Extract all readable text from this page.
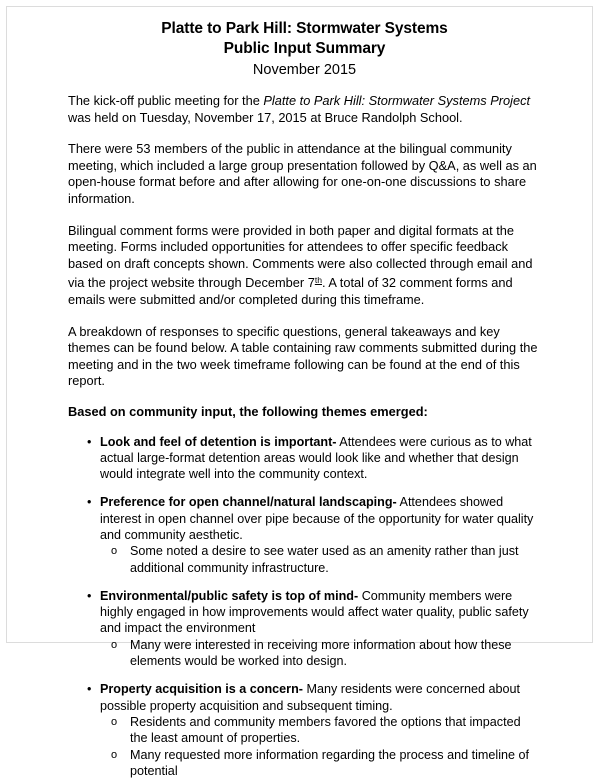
Platte to Park Hill: Stormwater Systems
Public Input Summary
November 2015

The kick-off public meeting for the Platte to Park Hill: Stormwater Systems Project was held on Tuesday, November 17, 2015 at Bruce Randolph School.

There were 53 members of the public in attendance at the bilingual community meeting, which included a large group presentation followed by Q&A, as well as an open-house format before and after allowing for one-on-one discussions to share information.

Bilingual comment forms were provided in both paper and digital formats at the meeting. Forms included opportunities for attendees to offer specific feedback based on draft concepts shown. Comments were also collected through email and via the project website through December 7th. A total of 32 comment forms and emails were submitted and/or completed during this timeframe.

A breakdown of responses to specific questions, general takeaways and key themes can be found below. A table containing raw comments submitted during the meeting and in the two week timeframe following can be found at the end of this report.

Based on community input, the following themes emerged:
• Look and feel of detention is important- Attendees were curious as to what actual large-format detention areas would look like and whether that design would integrate well into the community context.
• Preference for open channel/natural landscaping- Attendees showed interest in open channel over pipe because of the opportunity for water quality and community aesthetic.
o Some noted a desire to see water used as an amenity rather than just additional community infrastructure.
• Environmental/public safety is top of mind- Community members were highly engaged in how improvements would affect water quality, public safety and impact the environment
o Many were interested in receiving more information about how these elements would be worked into design.
• Property acquisition is a concern- Many residents were concerned about possible property acquisition and subsequent timing.
o Residents and community members favored the options that impacted the least amount of properties.
o Many requested more information regarding the process and timeline of potential
